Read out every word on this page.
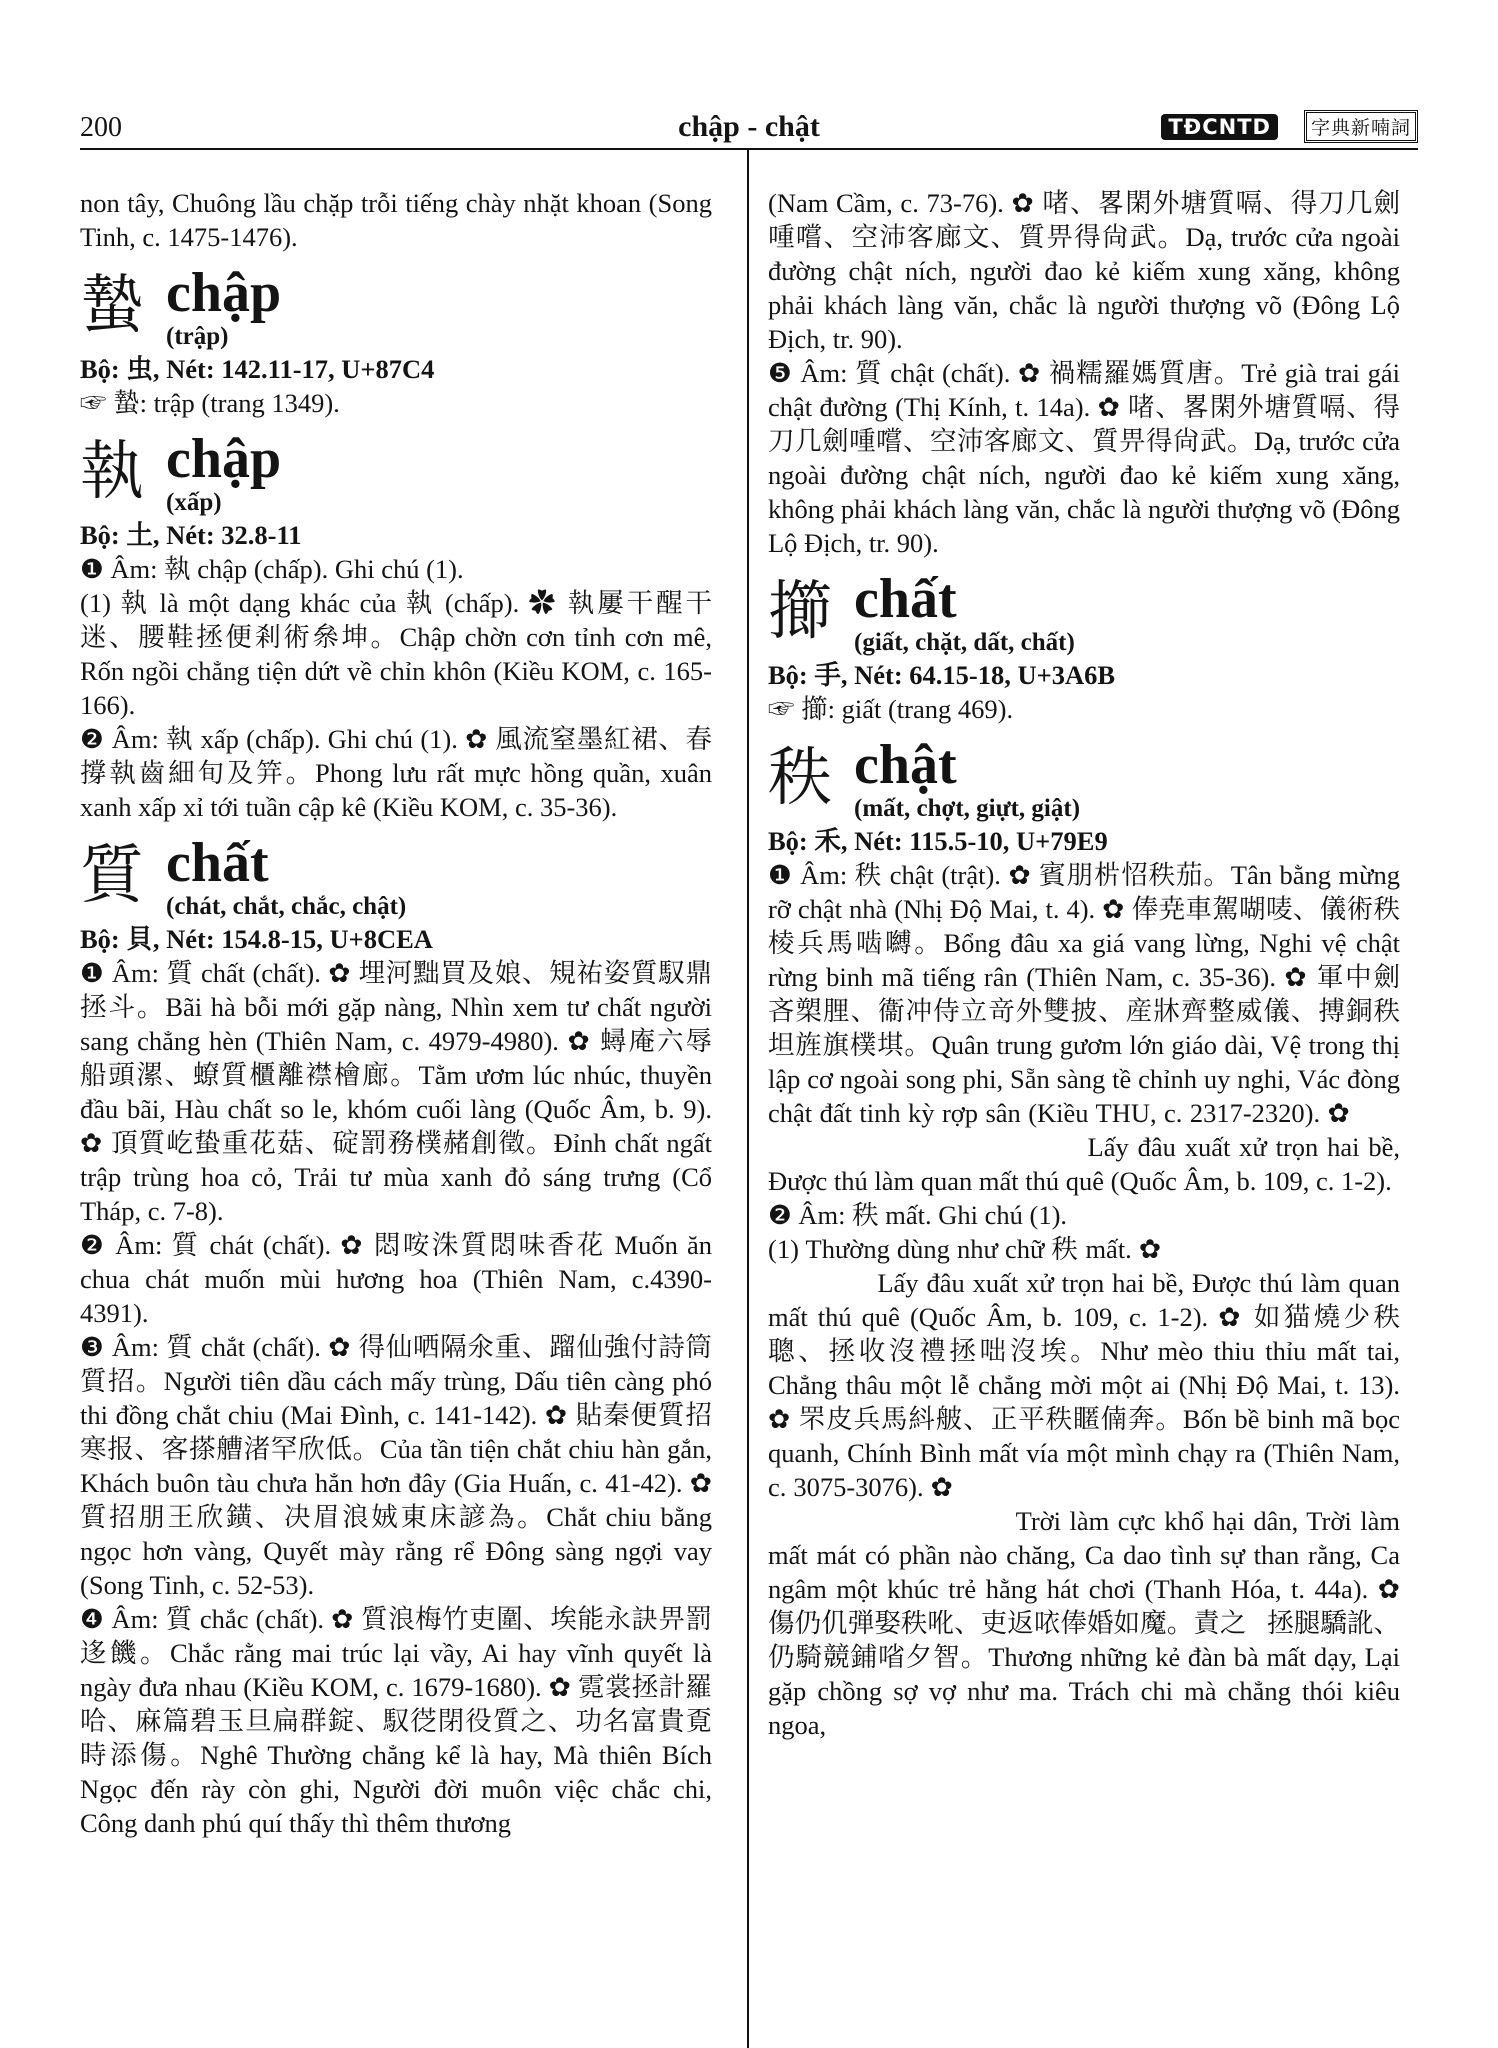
200	chập - chật	TĐCNTD	字典新喃詞

non tây, Chuông lầu chặp trỗi tiếng chày nhặt khoan (Song Tinh, c. 1475-1476).

蟄 chập
(trập)

Bộ: 虫, Nét: 142.11-17, U+87C4

☞ 蟄: trập (trang 1349).

執 chập
(xấp)

Bộ: 土, Nét: 32.8-11

❶ Âm: 執 chập (chấp). Ghi chú (1).

(1) 執 là một dạng khác của 執 (chấp). ✿ 執屢干醒干迷、腰鞋拯便剎術㕘坤。Chập chờn cơn tỉnh cơn mê, Rốn ngồi chẳng tiện dứt về chỉn khôn (Kiều KOM, c. 165-166).

❷ Âm: 執 xấp (chấp). Ghi chú (1). ✿ 風流窒墨紅裙、春撐執齒細旬及笄。Phong lưu rất mực hồng quần, xuân xanh xấp xỉ tới tuần cập kê (Kiều KOM, c. 35-36).

質 chất
(chát, chắt, chắc, chật)

Bộ: 貝, Nét: 154.8-15, U+8CEA

❶ Âm: 質 chất (chất). ✿ 埋河黜買及娘、䂓祐姿質馭鼎拯斗。Bãi hà bỗi mới gặp nàng, Nhìn xem tư chất người sang chẳng hèn (Thiên Nam, c. 4979-4980). ✿ 蟳庵六辱船頭漯、蟟質櫃離襟檜廊。Tằm ươm lúc nhúc, thuyền đầu bãi, Hàu chất so le, khóm cuối làng (Quốc Âm, b. 9). ✿ 頂質屹蛰重花菇、碇罰務樸赭創徵。Đỉnh chất ngất trập trùng hoa cỏ, Trải tư mùa xanh đỏ sáng trưng (Cổ Tháp, c. 7-8).

❷ Âm: 質 chát (chất). ✿ 悶咹洙質悶味香花 Muốn ăn chua chát muốn mùi hương hoa (Thiên Nam, c.4390-4391).

❸ Âm: 質 chắt (chất). ✿ 得仙哂隔氽重、蹓仙強付詩筒質招。Người tiên dầu cách mấy trùng, Dấu tiên càng phó thi đồng chắt chiu (Mai Đình, c. 141-142). ✿ 貼秦便質招寒报、客搽艚渚罕欣低。Của tần tiện chắt chiu hàn gắn, Khách buôn tàu chưa hẳn hơn đây (Gia Huấn, c. 41-42). ✿ 質招朋王欣鐄、决眉浪娀東床諺為。Chắt chiu bằng ngọc hơn vàng, Quyết mày rằng rể Đông sàng ngợi vay (Song Tinh, c. 52-53).

❹ Âm: 質 chắc (chất). ✿ 質浪梅竹吏圍、埃能永訣畀罰迻饑。Chắc rằng mai trúc lại vầy, Ai hay vĩnh quyết là ngày đưa nhau (Kiều KOM, c. 1679-1680). ✿ 霓裳拯計羅哈、麻篇碧玉旦扁群錠、馭徔閉役質之、功名富貴覔時添傷。Nghê Thường chẳng kể là hay, Mà thiên Bích Ngọc đến rày còn ghi, Người đời muôn việc chắc chi, Công danh phú quí thấy thì thêm thương

(Nam Cầm, c. 73-76). ✿ 啫、畧閑外塘質嗝、得刀几劍喠嚐、空沛客廊文、質畀得尙武。Dạ, trước cửa ngoài đường chật ních, người đao kẻ kiếm xung xăng, không phải khách làng văn, chắc là người thượng võ (Đông Lộ Địch, tr. 90).

❺ Âm: 質 chật (chất). ✿ 禍糯羅媽質唐。Trẻ già trai gái chật đường (Thị Kính, t. 14a). ✿ 啫、畧閑外塘質嗝、得刀几劍喠嚐、空沛客廊文、質畀得尙武。Dạ, trước cửa ngoài đường chật ních, người đao kẻ kiếm xung xăng, không phải khách làng văn, chắc là người thượng võ (Đông Lộ Địch, tr. 90).

擳 chất
(giất, chặt, dất, chất)

Bộ: 手, Nét: 64.15-18, U+3A6B

☞ 擳: giất (trang 469).

秩 chật
(mất, chợt, giựt, giật)

Bộ: 禾, Nét: 115.5-10, U+79E9

❶ Âm: 秩 chật (trật). ✿ 賓朋㭊怊秩茄。Tân bằng mừng rỡ chật nhà (Nhị Độ Mai, t. 4). ✿ 俸尭車駕㗅唛、儀術秩棱兵馬啮嚩。Bổng đâu xa giá vang lừng, Nghi vệ chật rừng binh mã tiếng rân (Thiên Nam, c. 35-36). ✿ 軍中劍吝槊䤚、衞冲侍立竒外雙披、産牀齊整威儀、搏銅秩坦旌旗樸㙋。Quân trung gươm lớn giáo dài, Vệ trong thị lập cơ ngoài song phi, Sẵn sàng tề chỉnh uy nghi, Vác đòng chật đất tinh kỳ rợp sân (Kiều THU, c. 2317-2320). ✿ 𥚄兠出處論𠰺皮、特趣夕官秩趣圭。Lấy đâu xuất xử trọn hai bề, Được thú làm quan mất thú quê (Quốc Âm, b. 109, c. 1-2).

❷ Âm: 秩 mất. Ghi chú (1).

(1) Thường dùng như chữ 秩 mất. ✿ 𥚄兠出處論𠰺皮、特趣夕官秩趣圭。Lấy đâu xuất xử trọn hai bề, Được thú làm quan mất thú quê (Quốc Âm, b. 109, c. 1-2). ✿ 如猫燒少秩聰、拯收沒禮拯咄沒埃。Như mèo thiu thỉu mất tai, Chẳng thâu một lễ chẳng mời một ai (Nhị Độ Mai, t. 13). ✿ 罘皮兵馬紏𦨭、正平秩䁥㑲奔。Bốn bề binh mã bọc quanh, Chính Bình mất vía một mình chạy ra (Thiên Nam, c. 3075-3076). ✿ 𡗶夕極苦害民、𡗶夕秩沬固分市庄、歌謠情事嘆浪、歌吟沒曲㛪恒喝制。Trời làm cực khổ hại dân, Trời làm mất mát có phần nào chăng, Ca dao tình sự than rằng, Ca ngâm một khúc trẻ hằng hát chơi (Thanh Hóa, t. 44a). ✿ 傷仍仉弾娶秩吪、吏返𠲖俸婚如魔。責之𢉲拯腿驕訛、仍騎競鋪㗂夕智。Thương những kẻ đàn bà mất dạy, Lại gặp chồng sợ vợ như ma. Trách chi mà chẳng thói kiêu ngoa,
